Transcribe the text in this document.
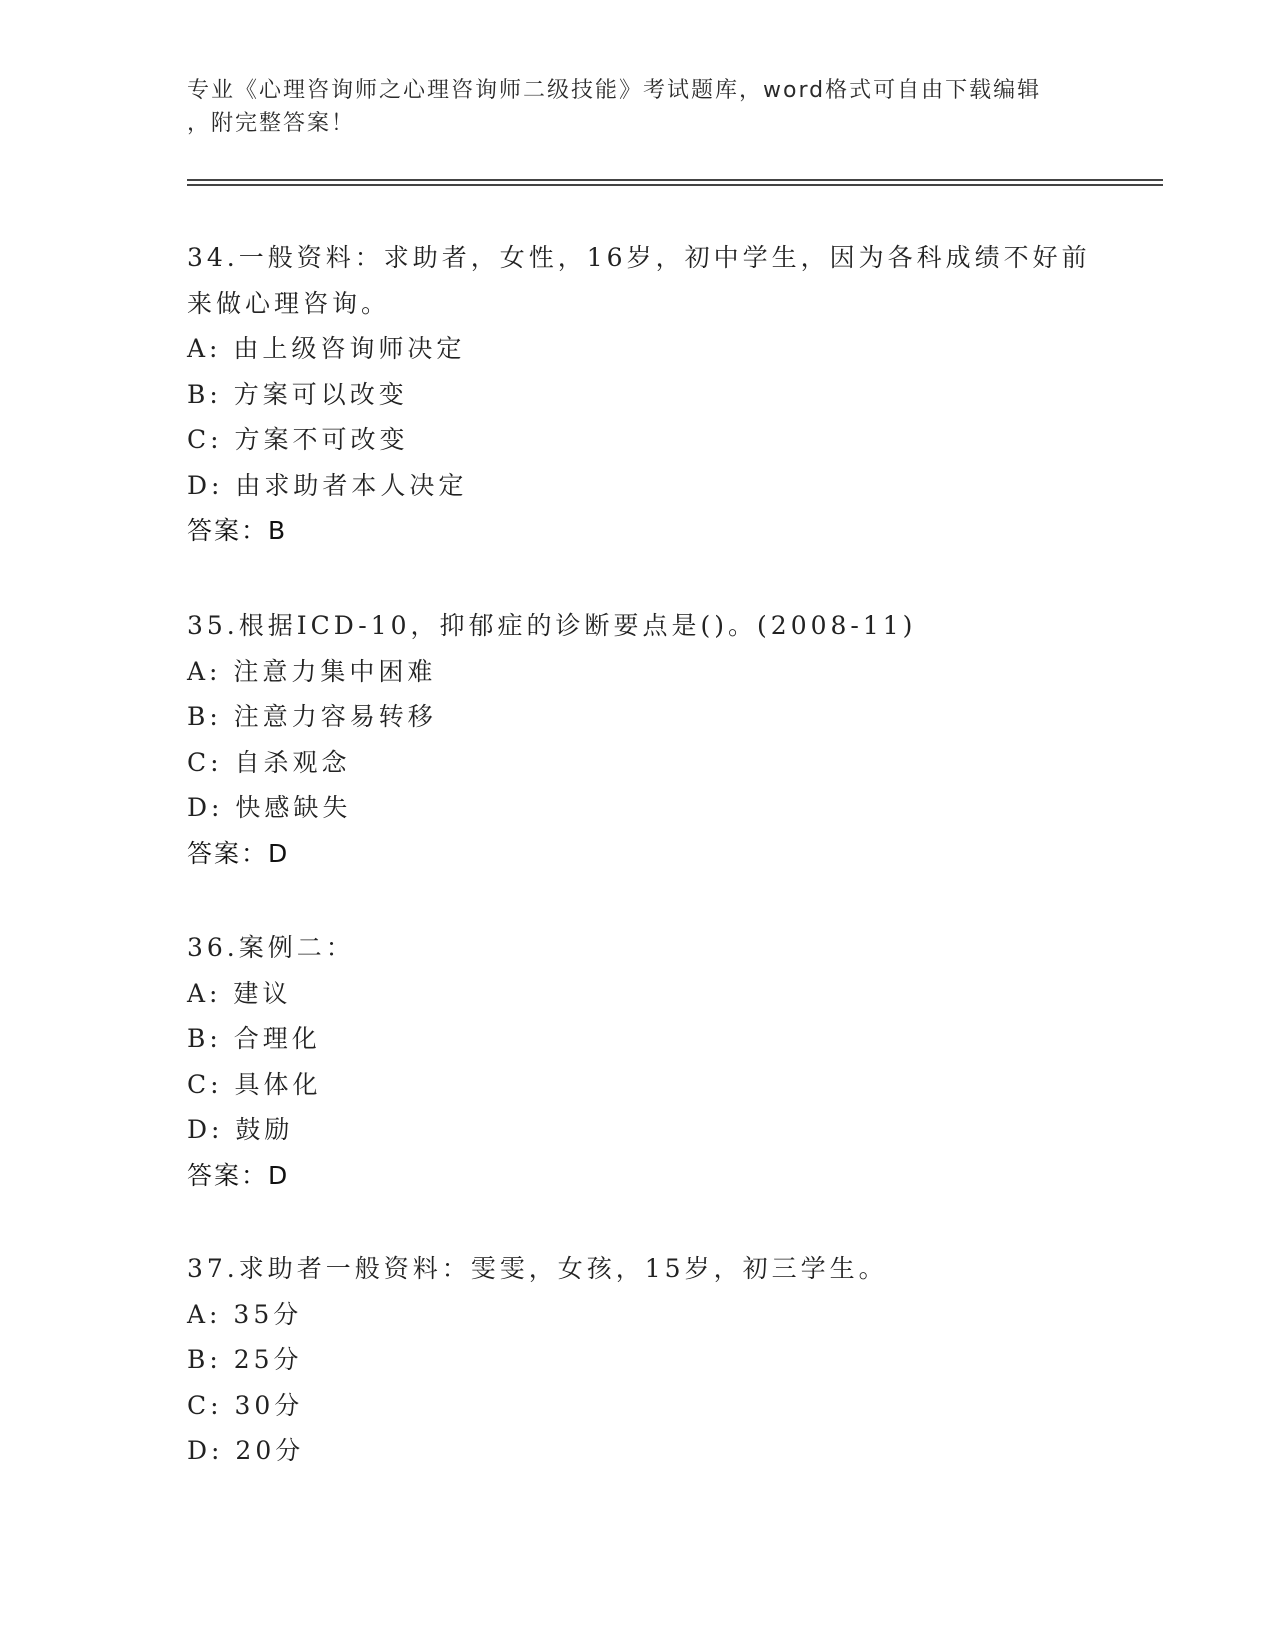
专业《心理咨询师之心理咨询师二级技能》考试题库，word格式可自由下载编辑
，附完整答案！
34.一般资料：求助者，女性，16岁，初中学生，因为各科成绩不好前
来做心理咨询。
A: 由上级咨询师决定
B: 方案可以改变
C: 方案不可改变
D: 由求助者本人决定
答案：B
35.根据ICD-10，抑郁症的诊断要点是()。(2008-11)
A: 注意力集中困难
B: 注意力容易转移
C: 自杀观念
D: 快感缺失
答案：D
36.案例二：
A: 建议
B: 合理化
C: 具体化
D: 鼓励
答案：D
37.求助者一般资料：雯雯，女孩，15岁，初三学生。
A: 35分
B: 25分
C: 30分
D: 20分
